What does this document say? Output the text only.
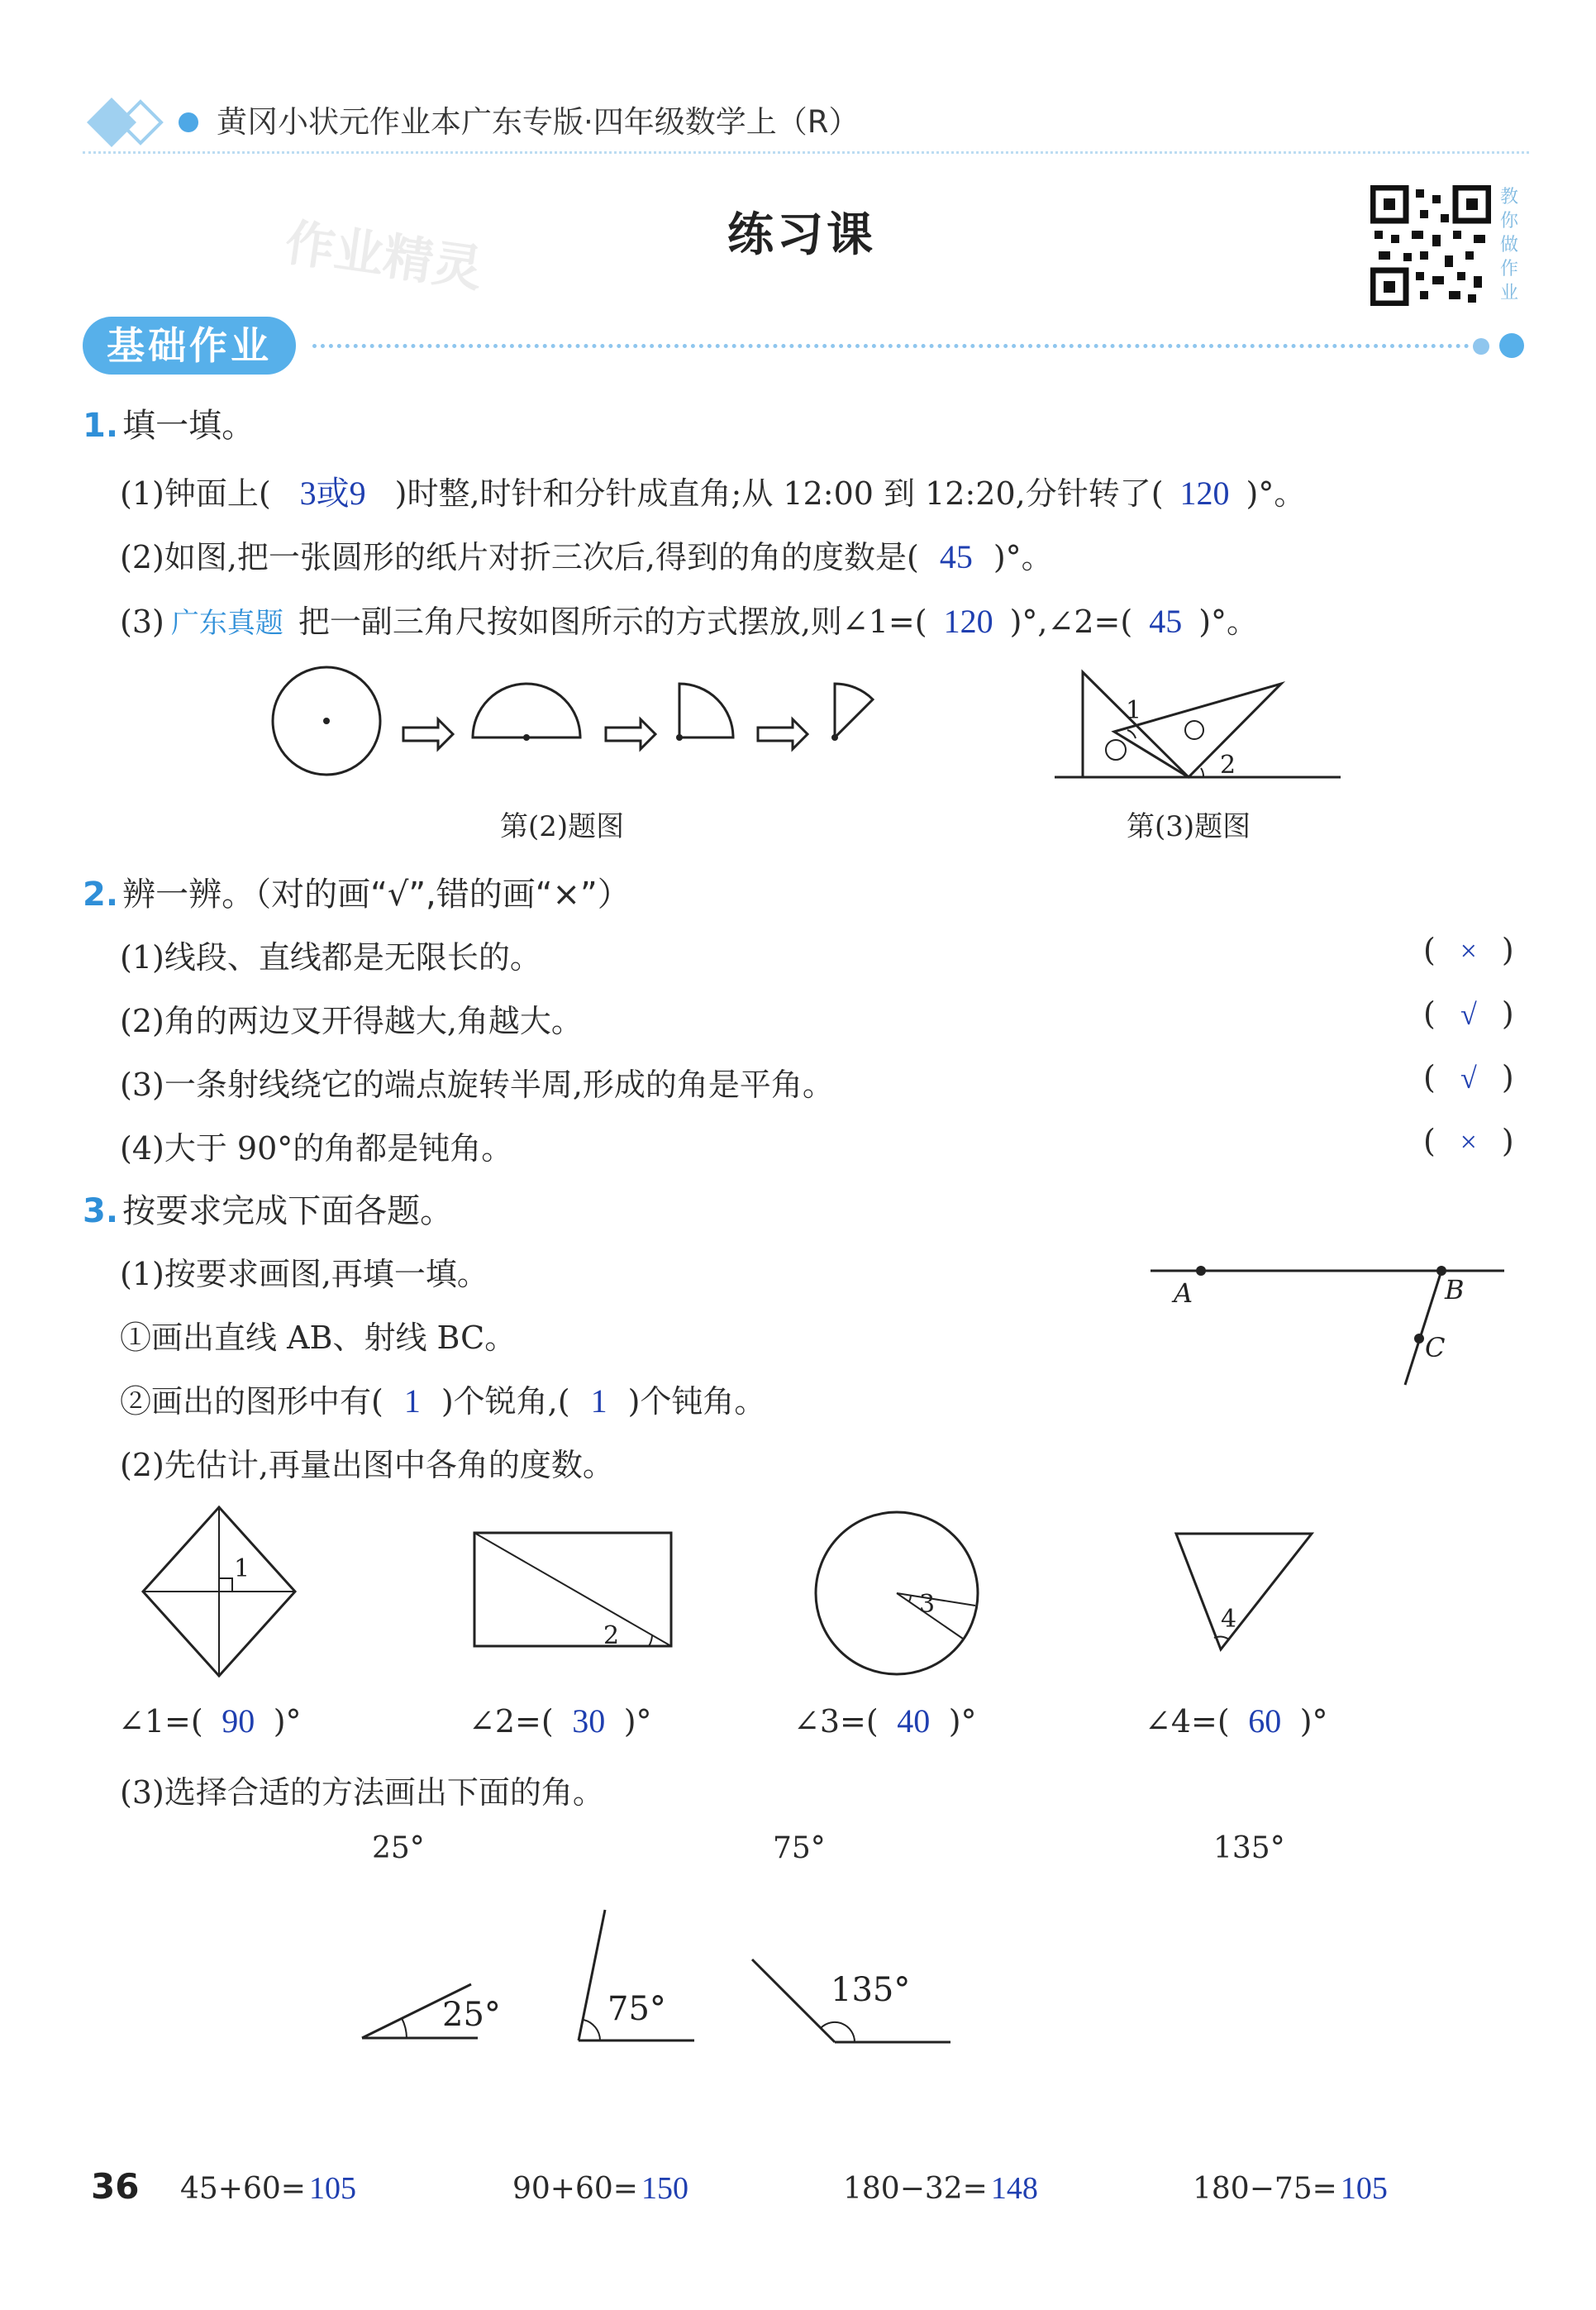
黄冈小状元作业本广东专版·四年级数学上（R）
作业精灵	练习课
教
你
做
作
业
基础作业
1. 填一填。
(1)钟面上( 3或9 )时整,时针和分针成直角;从 12:00 到 12:20,分针转了( 120 )°。
(2)如图,把一张圆形的纸片对折三次后,得到的角的度数是( 45 )°。
(3) 广东真题 把一副三角尺按如图所示的方式摆放,则∠1=( 120 )°,∠2=( 45 )°。
第(2)题图
1
2
第(3)题图
2. 辨一辨。（对的画“√”,错的画“×”）
(1)线段、直线都是无限长的。	( × )
(2)角的两边叉开得越大,角越大。	( √ )
(3)一条射线绕它的端点旋转半周,形成的角是平角。	( √ )
(4)大于 90°的角都是钝角。	( × )
3. 按要求完成下面各题。
(1)按要求画图,再填一填。
①画出直线 AB、射线 BC。
②画出的图形中有( 1 )个锐角,( 1 )个钝角。
A	B
C
(2)先估计,再量出图中各角的度数。
1
2
3
4
∠1=( 90 )°	∠2=( 30 )°	∠3=( 40 )°	∠4=( 60 )°
(3)选择合适的方法画出下面的角。
25°	75°	135°
25°	75°	135°
36 45+60= 105	90+60= 150	180−32= 148	180−75= 105
